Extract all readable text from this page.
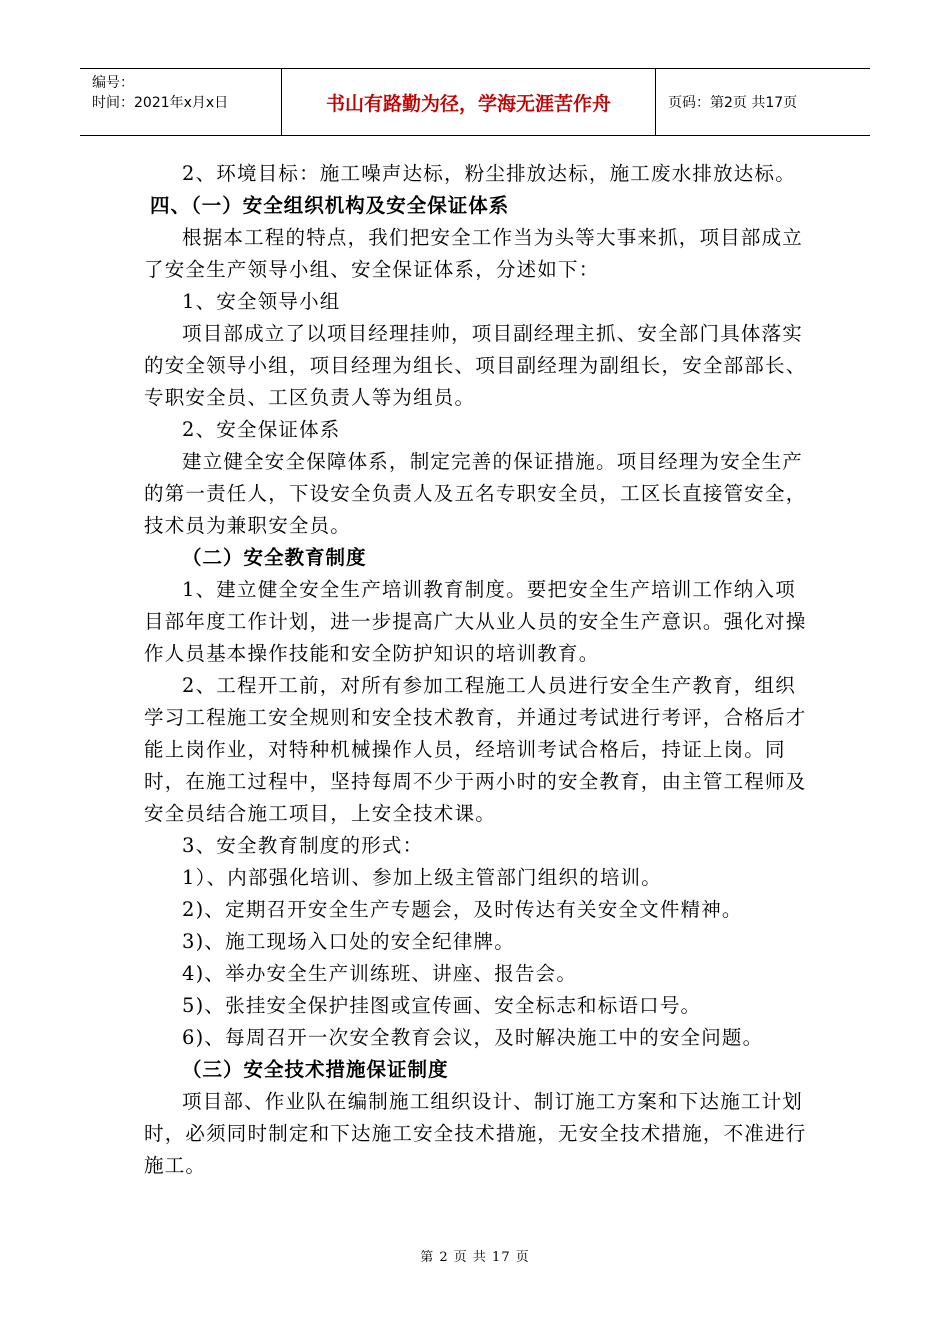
编号：
时间：2021年x月x日	书山有路勤为径，学海无涯苦作舟	页码：第2页 共17页

2、环境目标：施工噪声达标，粉尘排放达标，施工废水排放达标。

四、（一）安全组织机构及安全保证体系

根据本工程的特点，我们把安全工作当为头等大事来抓，项目部成立了安全生产领导小组、安全保证体系，分述如下：

1、安全领导小组

项目部成立了以项目经理挂帅，项目副经理主抓、安全部门具体落实的安全领导小组，项目经理为组长、项目副经理为副组长，安全部部长、专职安全员、工区负责人等为组员。

2、安全保证体系

建立健全安全保障体系，制定完善的保证措施。项目经理为安全生产的第一责任人，下设安全负责人及五名专职安全员，工区长直接管安全，技术员为兼职安全员。

（二）安全教育制度

1、建立健全安全生产培训教育制度。要把安全生产培训工作纳入项目部年度工作计划，进一步提高广大从业人员的安全生产意识。强化对操作人员基本操作技能和安全防护知识的培训教育。

2、工程开工前，对所有参加工程施工人员进行安全生产教育，组织学习工程施工安全规则和安全技术教育，并通过考试进行考评，合格后才能上岗作业，对特种机械操作人员，经培训考试合格后，持证上岗。同时，在施工过程中，坚持每周不少于两小时的安全教育，由主管工程师及安全员结合施工项目，上安全技术课。

3、安全教育制度的形式：

1）、内部强化培训、参加上级主管部门组织的培训。

2)、定期召开安全生产专题会，及时传达有关安全文件精神。

3)、施工现场入口处的安全纪律牌。

4)、举办安全生产训练班、讲座、报告会。

5)、张挂安全保护挂图或宣传画、安全标志和标语口号。

6)、每周召开一次安全教育会议，及时解决施工中的安全问题。

（三）安全技术措施保证制度

项目部、作业队在编制施工组织设计、制订施工方案和下达施工计划时，必须同时制定和下达施工安全技术措施，无安全技术措施，不准进行施工。

第 2 页 共 17 页
